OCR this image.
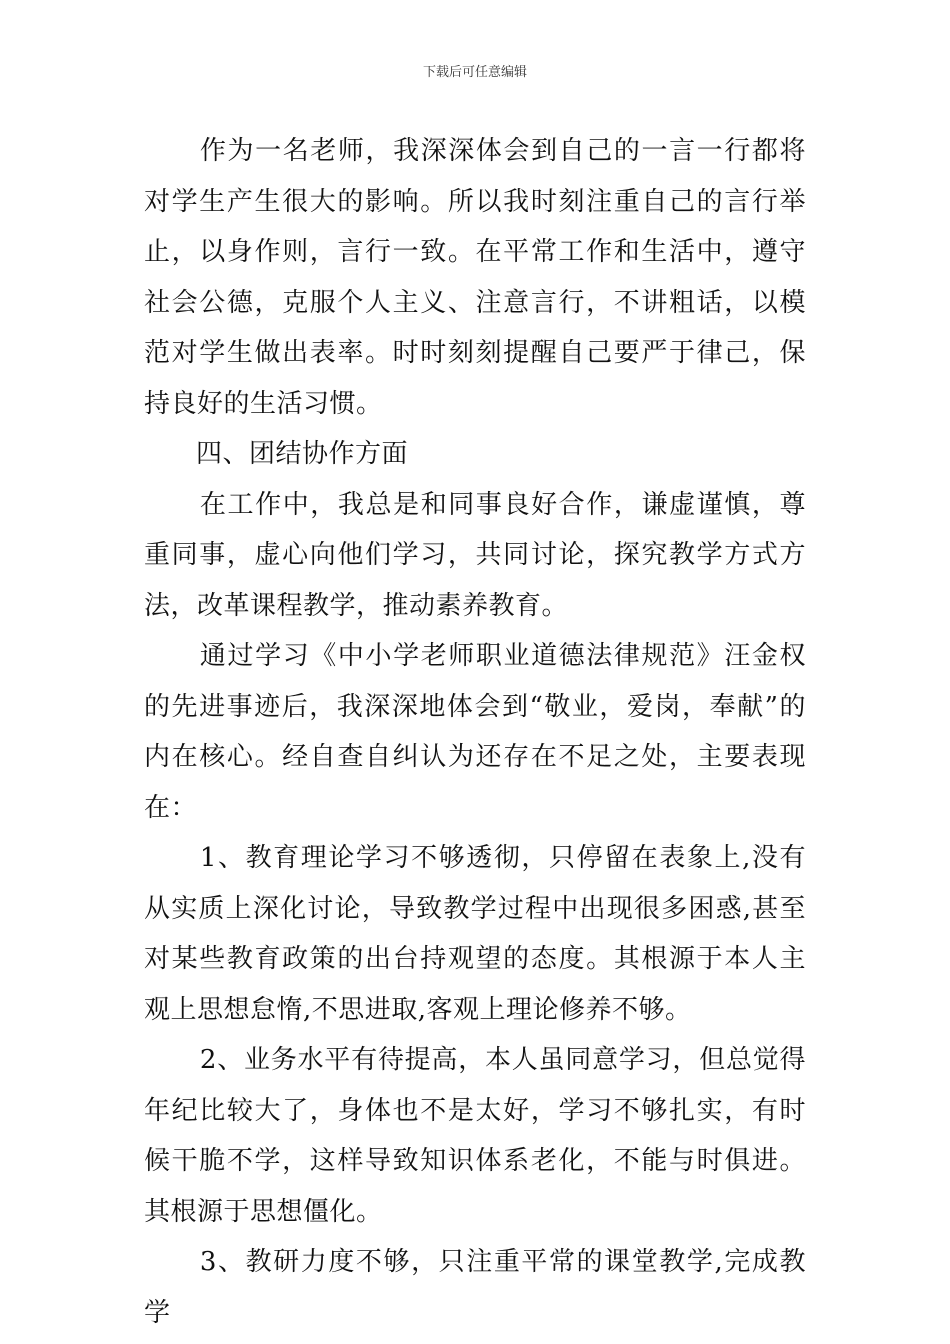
下载后可任意编辑

作为一名老师，我深深体会到自己的一言一行都将对学生产生很大的影响。所以我时刻注重自己的言行举止，以身作则，言行一致。在平常工作和生活中，遵守社会公德，克服个人主义、注意言行，不讲粗话，以模范对学生做出表率。时时刻刻提醒自己要严于律己，保持良好的生活习惯。

四、团结协作方面

在工作中，我总是和同事良好合作，谦虚谨慎，尊重同事，虚心向他们学习，共同讨论，探究教学方式方法，改革课程教学，推动素养教育。

通过学习《中小学老师职业道德法律规范》汪金权的先进事迹后，我深深地体会到“敬业，爱岗，奉献”的内在核心。经自查自纠认为还存在不足之处，主要表现在：

1、教育理论学习不够透彻，只停留在表象上,没有从实质上深化讨论，导致教学过程中出现很多困惑,甚至对某些教育政策的出台持观望的态度。其根源于本人主观上思想怠惰,不思进取,客观上理论修养不够。

2、业务水平有待提高，本人虽同意学习，但总觉得年纪比较大了，身体也不是太好，学习不够扎实，有时候干脆不学，这样导致知识体系老化，不能与时俱进。其根源于思想僵化。

3、教研力度不够，只注重平常的课堂教学,完成教学
